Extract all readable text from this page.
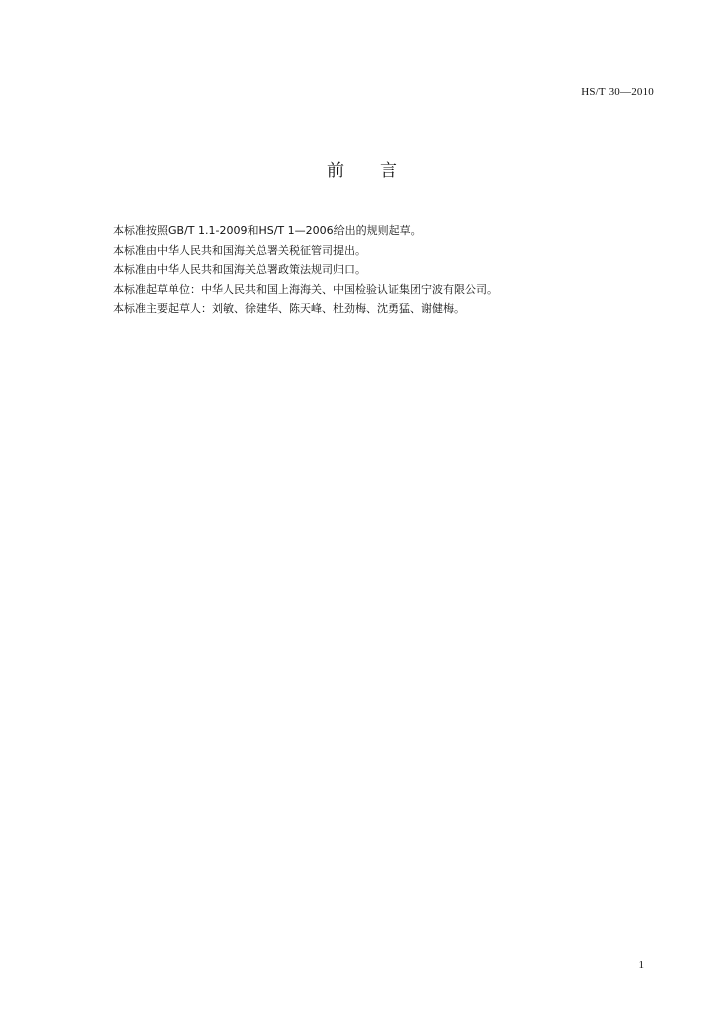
HS/T 30—2010
前 言

本标准按照GB/T 1.1-2009和HS/T 1—2006给出的规则起草。

本标准由中华人民共和国海关总署关税征管司提出。

本标准由中华人民共和国海关总署政策法规司归口。

本标准起草单位：中华人民共和国上海海关、中国检验认证集团宁波有限公司。

本标准主要起草人：刘敏、徐建华、陈天峰、杜劲梅、沈勇猛、谢健梅。

1
